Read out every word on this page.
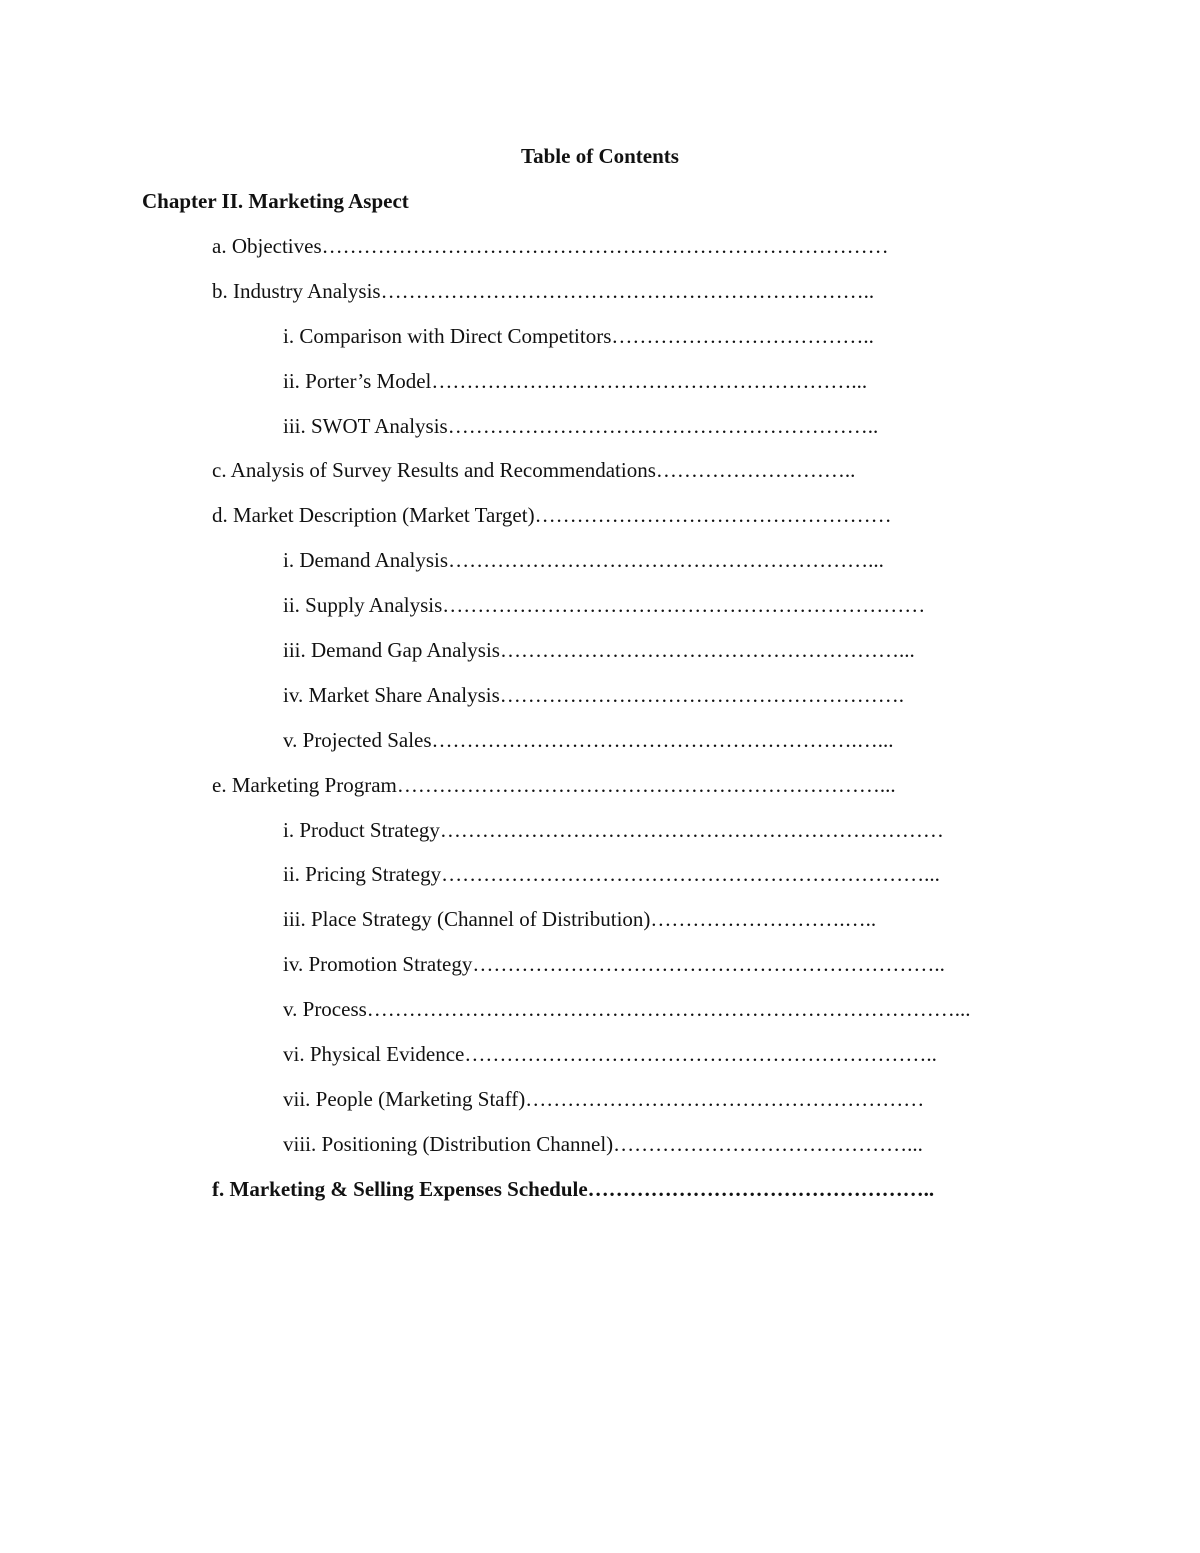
Table of Contents
Chapter II. Marketing Aspect
a. Objectives………………………………………………………………………
b. Industry Analysis……………………………………………………………..
i. Comparison with Direct Competitors………………………………..
ii. Porter’s Model……………………………………………………...
iii. SWOT Analysis……………………………………………………..
c. Analysis of Survey Results and Recommendations………………………..
d. Market Description (Market Target)……………………………………………
i. Demand Analysis……………………………………………………...
ii. Supply Analysis……………………………………………………………
iii. Demand Gap Analysis…………………………………………………...
iv. Market Share Analysis………………………………………………….
v. Projected Sales…………………………………………………….…...
e. Marketing Program……………………………………………………………...
i. Product Strategy………………………………………………………………
ii. Pricing Strategy……………………………………………………………...
iii. Place Strategy (Channel of Distribution)……………………….…..
iv. Promotion Strategy…………………………………………………………..
v. Process…………………………………………………………………………...
vi. Physical Evidence…………………………………………………………..
vii. People (Marketing Staff)…………………………………………………
viii. Positioning (Distribution Channel)……………………………………...
f. Marketing & Selling Expenses Schedule…………………………………………..
